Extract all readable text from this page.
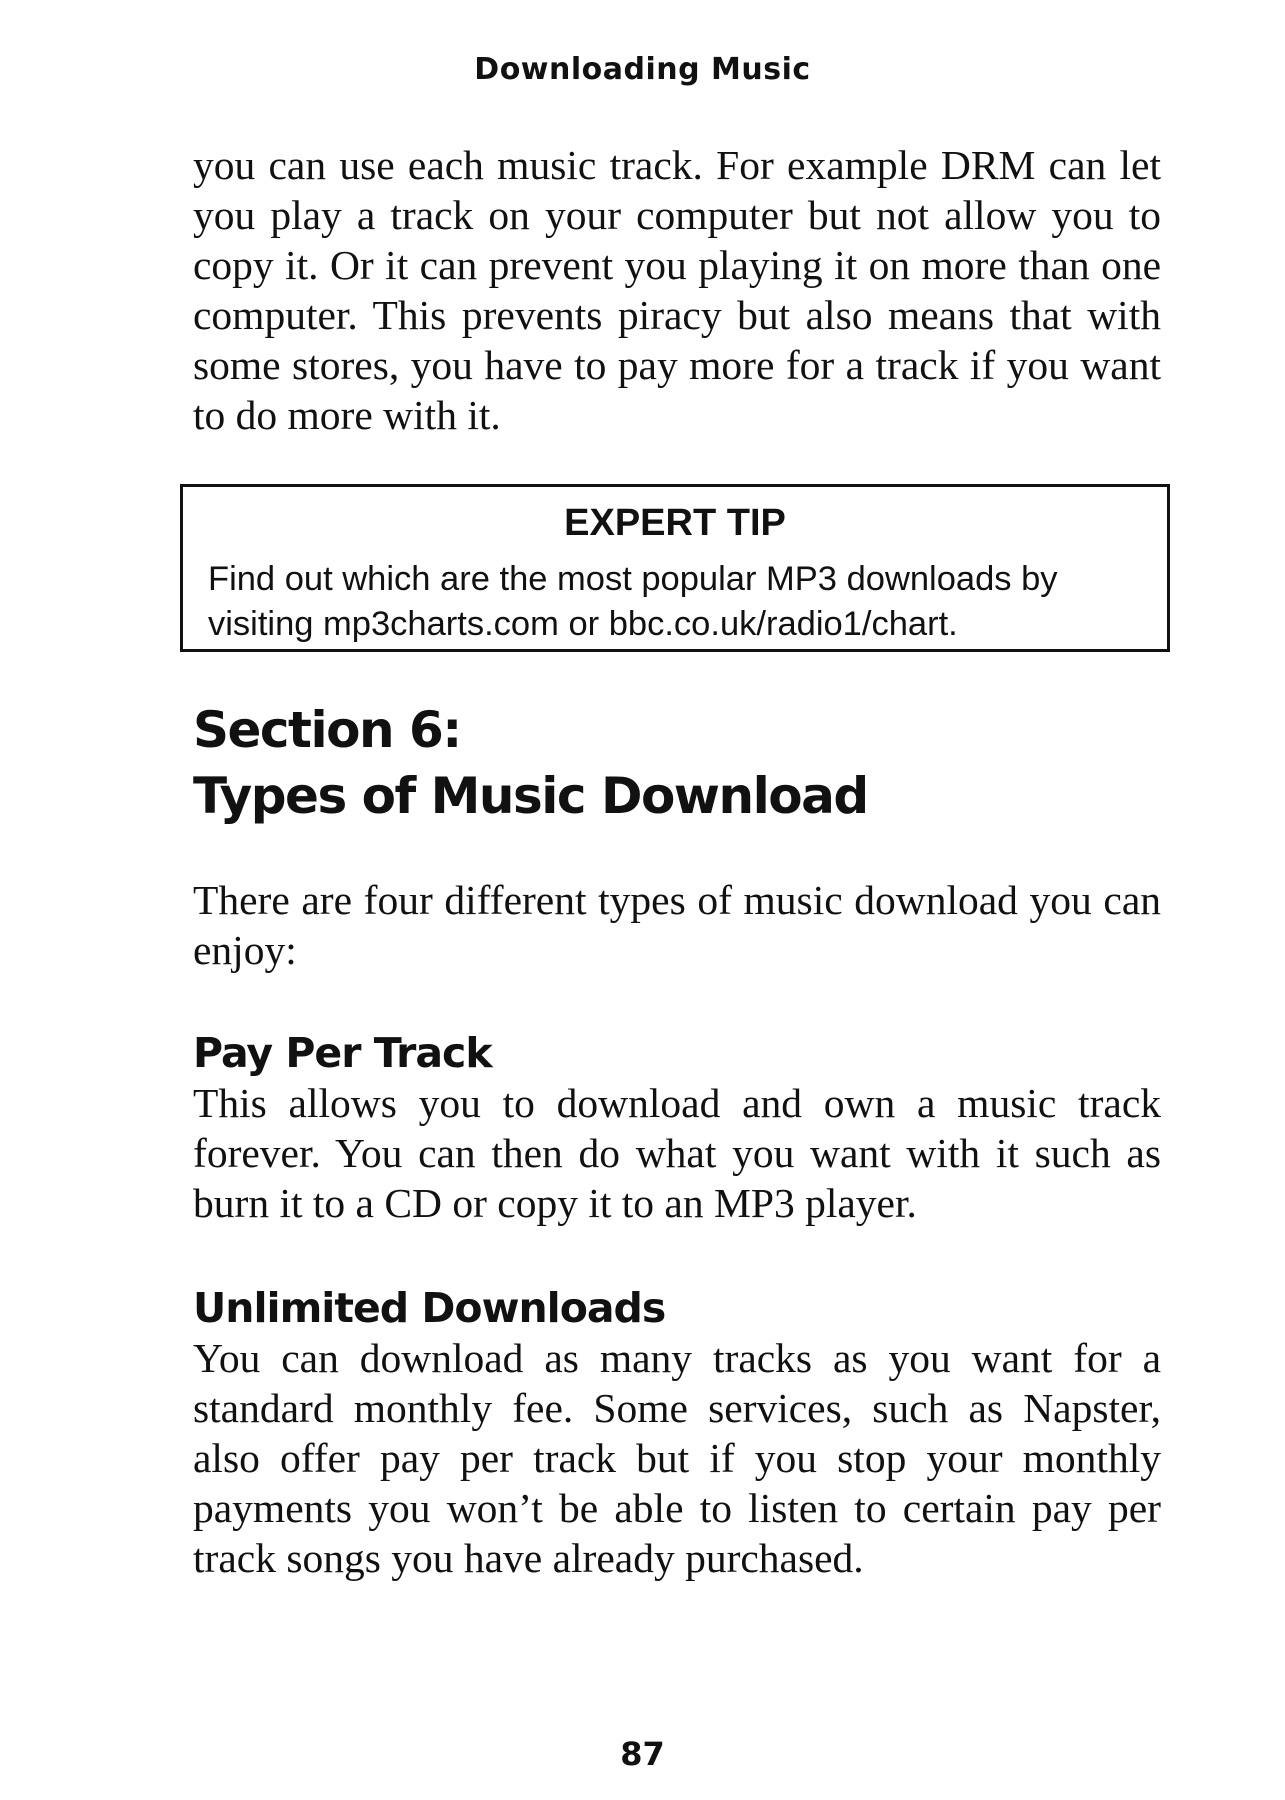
Downloading Music

you can use each music track. For example DRM can let you play a track on your computer but not allow you to copy it. Or it can prevent you playing it on more than one computer. This prevents piracy but also means that with some stores, you have to pay more for a track if you want to do more with it.

EXPERT TIP
Find out which are the most popular MP3 downloads by visiting mp3charts.com or bbc.co.uk/radio1/chart.
Section 6:
Types of Music Download

There are four different types of music download you can enjoy:

Pay Per Track

This allows you to download and own a music track forever. You can then do what you want with it such as burn it to a CD or copy it to an MP3 player.

Unlimited Downloads

You can download as many tracks as you want for a standard monthly fee. Some services, such as Napster, also offer pay per track but if you stop your monthly payments you won’t be able to listen to certain pay per track songs you have already purchased.

87
